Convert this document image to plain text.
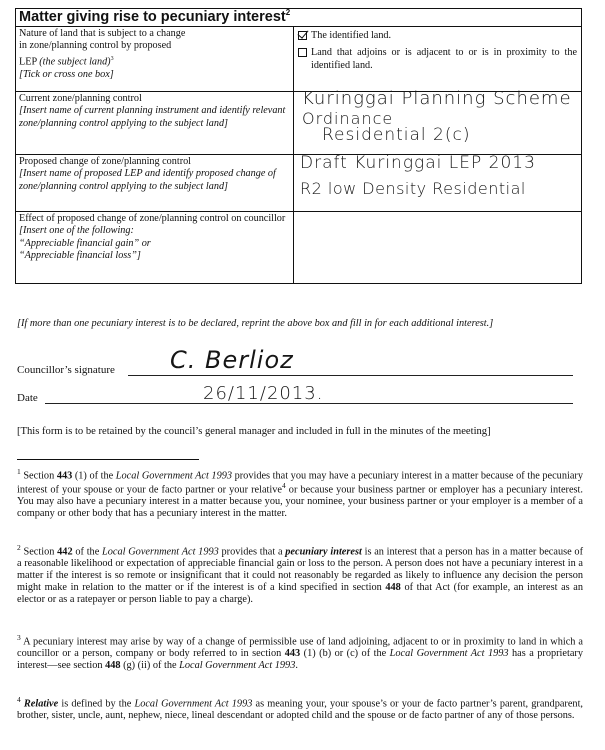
Matter giving rise to pecuniary interest$^2$
Nature of land that is subject to a change
in zone/planning control by proposed
LEP (the subject land)$^3$
[Tick or cross one box]
The identified land.
Land that adjoins or is adjacent to or is in proximity to the identified land.
Current zone/planning control
[Insert name of current planning instrument and identify relevant zone/planning control applying to the subject land]
Kuringgai Planning Scheme
Ordinance
Residential 2(c)
Proposed change of zone/planning control
[Insert name of proposed LEP and identify proposed change of zone/planning control applying to the subject land]
Draft Kuringgai LEP 2013
R2 low Density Residential
Effect of proposed change of zone/planning control on councillor
[Insert one of the following:
“Appreciable financial gain” or
“Appreciable financial loss”]
[If more than one pecuniary interest is to be declared, reprint the above box and fill in for each additional interest.]
Councillor’s signature C. Berlioz
Date	26/11/2013.
[This form is to be retained by the council’s general manager and included in full in the minutes of the meeting]
$^1$ Section 443 (1) of the Local Government Act 1993 provides that you may have a pecuniary interest in a matter because of the pecuniary interest of your spouse or your de facto partner or your relative$^4$ or because your business partner or employer has a pecuniary interest. You may also have a pecuniary interest in a matter because you, your nominee, your business partner or your employer is a member of a company or other body that has a pecuniary interest in the matter.
$^2$ Section 442 of the Local Government Act 1993 provides that a pecuniary interest is an interest that a person has in a matter because of a reasonable likelihood or expectation of appreciable financial gain or loss to the person. A person does not have a pecuniary interest in a matter if the interest is so remote or insignificant that it could not reasonably be regarded as likely to influence any decision the person might make in relation to the matter or if the interest is of a kind specified in section 448 of that Act (for example, an interest as an elector or as a ratepayer or person liable to pay a charge).
$^3$ A pecuniary interest may arise by way of a change of permissible use of land adjoining, adjacent to or in proximity to land in which a councillor or a person, company or body referred to in section 443 (1) (b) or (c) of the Local Government Act 1993 has a proprietary interest—see section 448 (g) (ii) of the Local Government Act 1993.
$^4$ Relative is defined by the Local Government Act 1993 as meaning your, your spouse’s or your de facto partner’s parent, grandparent, brother, sister, uncle, aunt, nephew, niece, lineal descendant or adopted child and the spouse or de facto partner of any of those persons.
